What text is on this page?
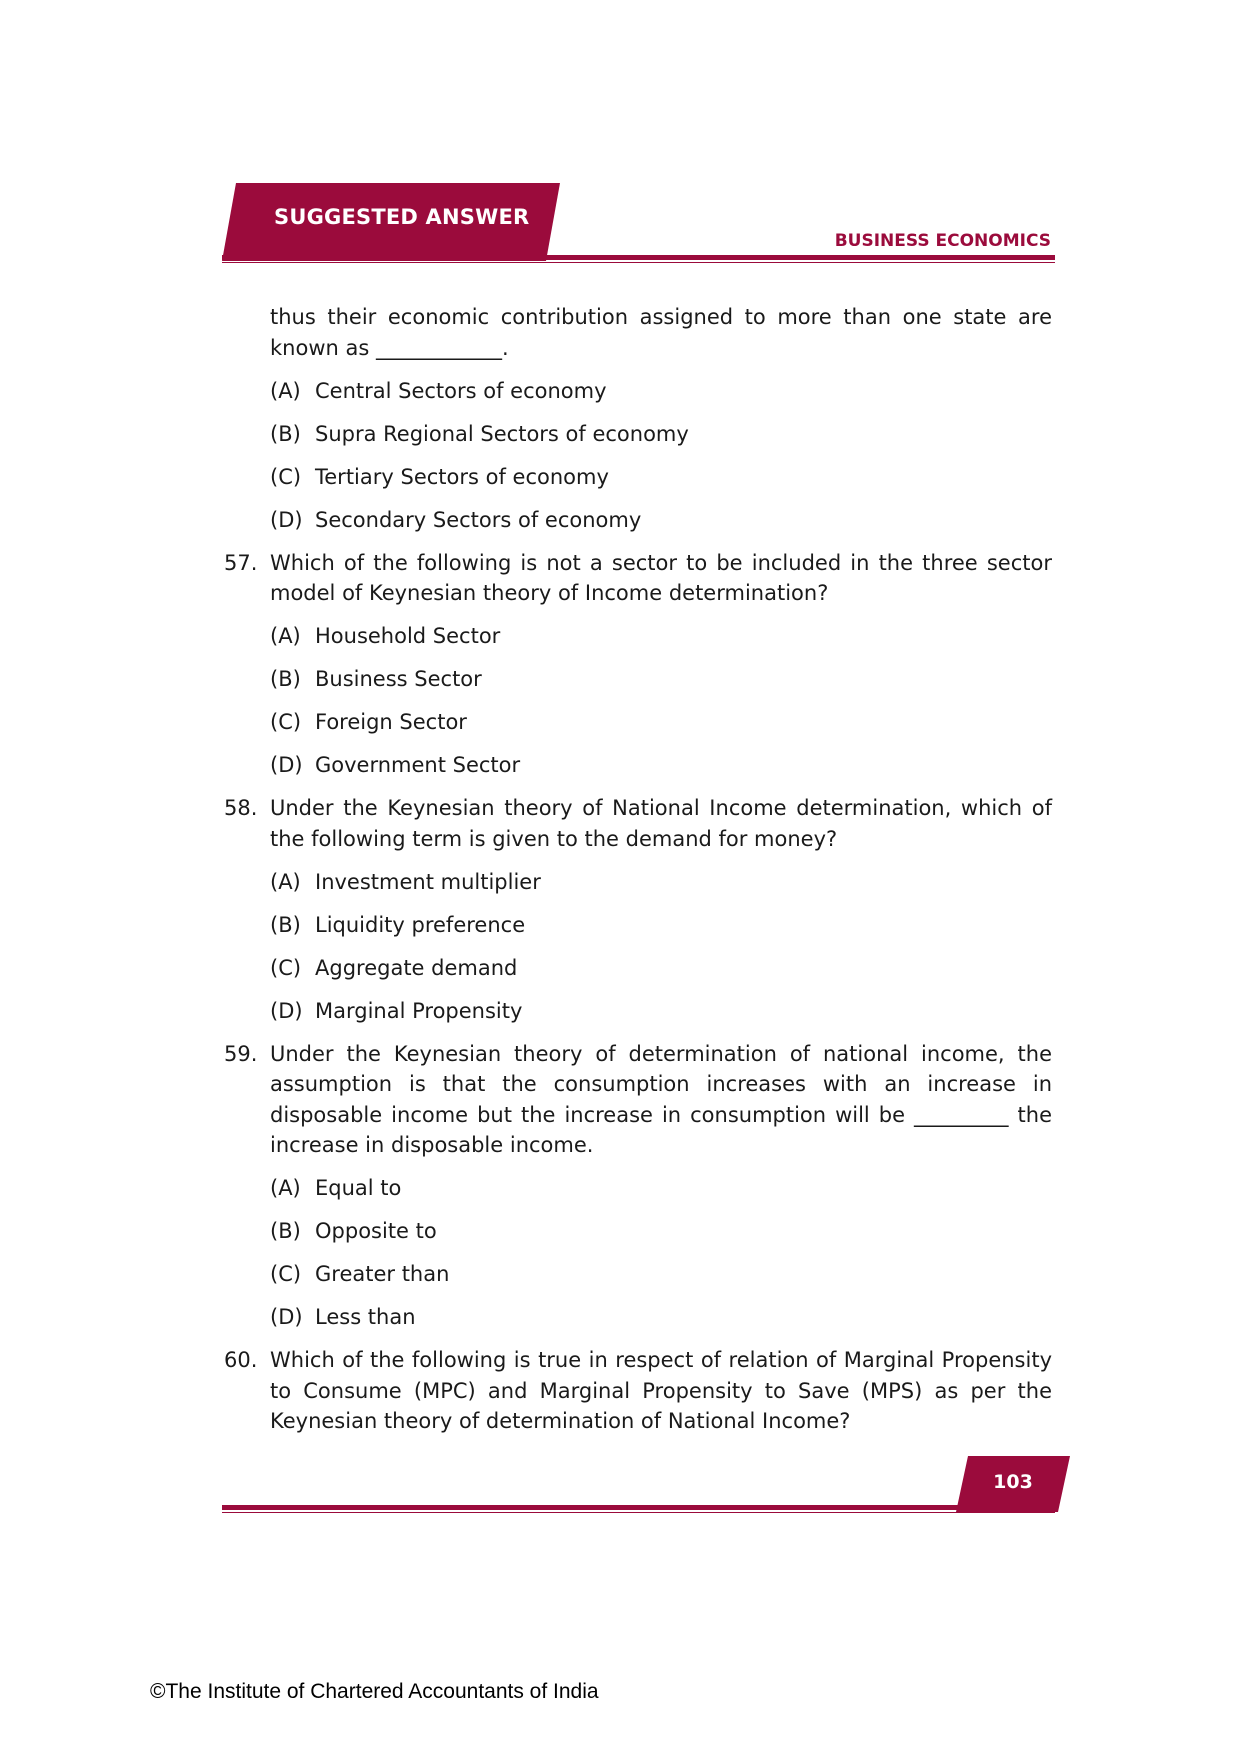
SUGGESTED ANSWER
BUSINESS ECONOMICS
thus their economic contribution assigned to more than one state are known as ____________.
(A) Central Sectors of economy
(B) Supra Regional Sectors of economy
(C) Tertiary Sectors of economy
(D) Secondary Sectors of economy
57. Which of the following is not a sector to be included in the three sector model of Keynesian theory of Income determination?
(A) Household Sector
(B) Business Sector
(C) Foreign Sector
(D) Government Sector
58. Under the Keynesian theory of National Income determination, which of the following term is given to the demand for money?
(A) Investment multiplier
(B) Liquidity preference
(C) Aggregate demand
(D) Marginal Propensity
59. Under the Keynesian theory of determination of national income, the assumption is that the consumption increases with an increase in disposable income but the increase in consumption will be _________ the increase in disposable income.
(A) Equal to
(B) Opposite to
(C) Greater than
(D) Less than
60. Which of the following is true in respect of relation of Marginal Propensity to Consume (MPC) and Marginal Propensity to Save (MPS) as per the Keynesian theory of determination of National Income?
103
©The Institute of Chartered Accountants of India
